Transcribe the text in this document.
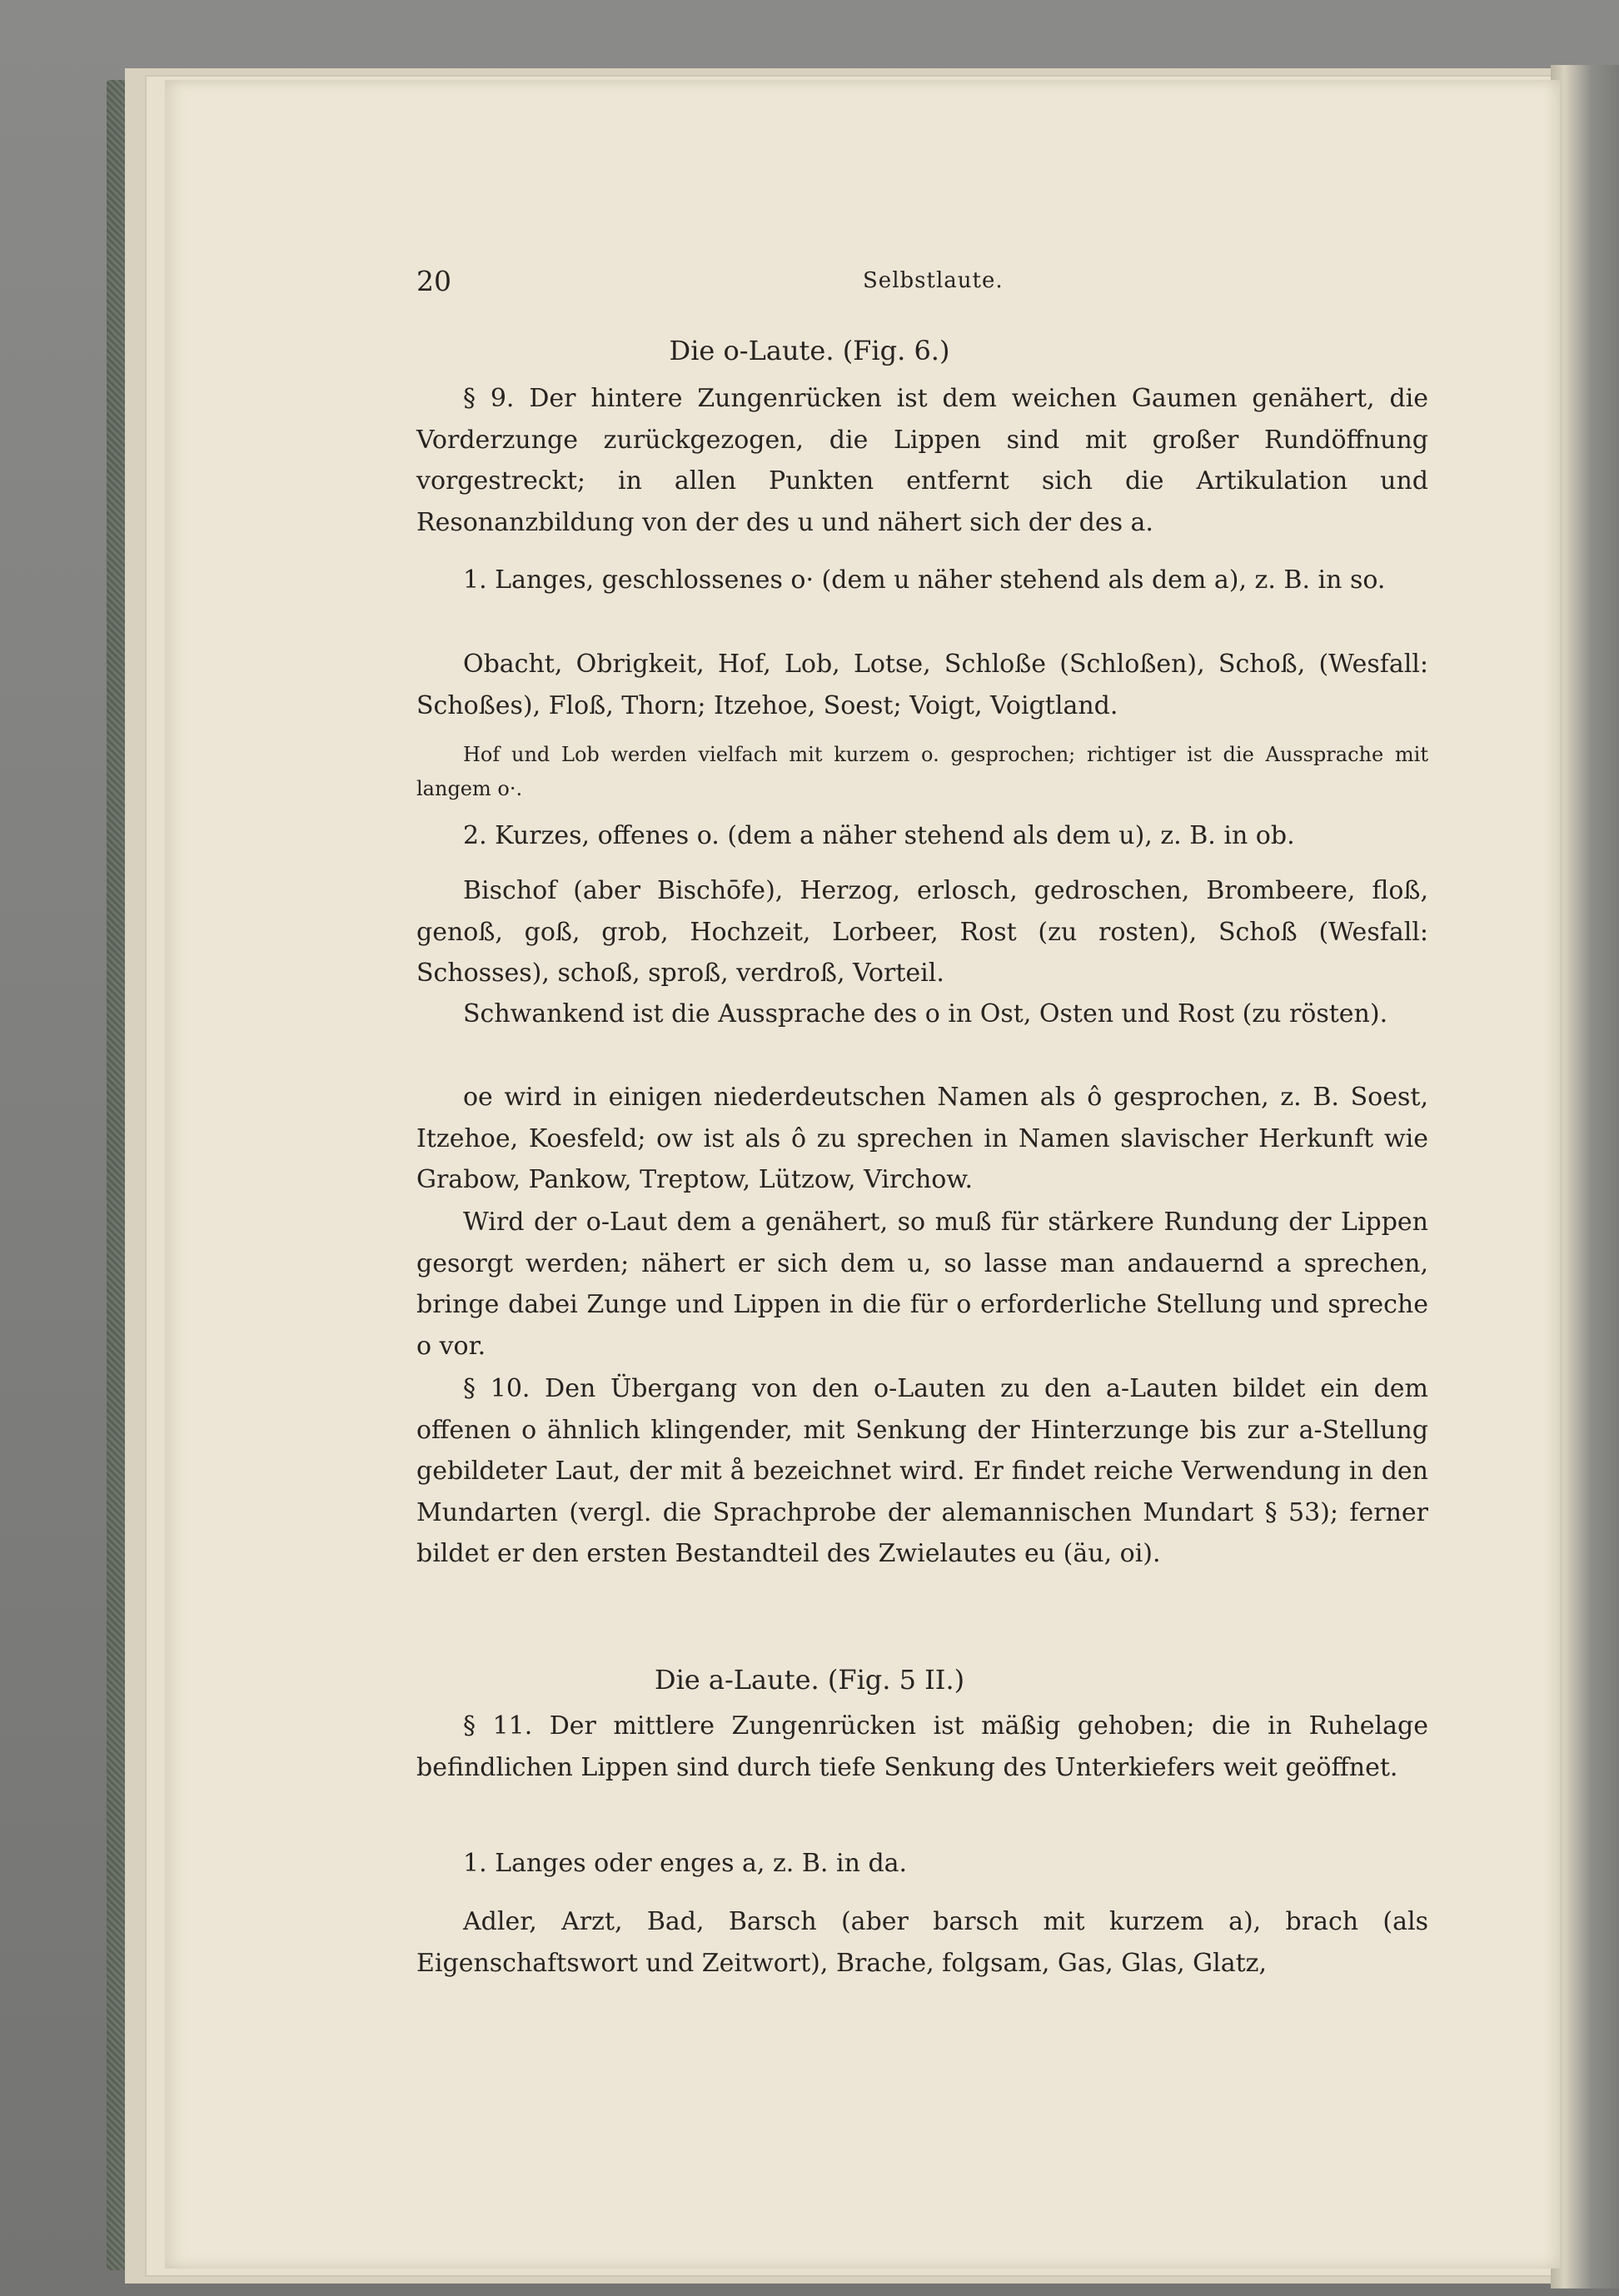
20	Selbstlaute.
Die o-Laute. (Fig. 6.)
§ 9. Der hintere Zungenrücken ist dem weichen Gaumen genähert, die Vorderzunge zurückgezogen, die Lippen sind mit großer Rundöffnung vorgestreckt; in allen Punkten entfernt sich die Artikulation und Resonanzbildung von der des u und nähert sich der des a.
1. Langes, geschlossenes o· (dem u näher stehend als dem a), z. B. in so.
Obacht, Obrigkeit, Hof, Lob, Lotse, Schloße (Schloßen), Schoß, (Wesfall: Schoßes), Floß, Thorn; Itzehoe, Soest; Voigt, Voigtland.
Hof und Lob werden vielfach mit kurzem o. gesprochen; richtiger ist die Aussprache mit langem o·.
2. Kurzes, offenes o. (dem a näher stehend als dem u), z. B. in ob.
Bischof (aber Bischōfe), Herzog, erlosch, gedroschen, Brombeere, floß, genoß, goß, grob, Hochzeit, Lorbeer, Rost (zu rosten), Schoß (Wesfall: Schosses), schoß, sproß, verdroß, Vorteil.
Schwankend ist die Aussprache des o in Ost, Osten und Rost (zu rösten).
oe wird in einigen niederdeutschen Namen als ô gesprochen, z. B. Soest, Itzehoe, Koesfeld; ow ist als ô zu sprechen in Namen slavischer Herkunft wie Grabow, Pankow, Treptow, Lützow, Virchow.
Wird der o-Laut dem a genähert, so muß für stärkere Rundung der Lippen gesorgt werden; nähert er sich dem u, so lasse man andauernd a sprechen, bringe dabei Zunge und Lippen in die für o erforderliche Stellung und spreche o vor.
§ 10. Den Übergang von den o-Lauten zu den a-Lauten bildet ein dem offenen o ähnlich klingender, mit Senkung der Hinterzunge bis zur a-Stellung gebildeter Laut, der mit å bezeichnet wird. Er findet reiche Verwendung in den Mundarten (vergl. die Sprachprobe der alemannischen Mundart § 53); ferner bildet er den ersten Bestandteil des Zwielautes eu (äu, oi).
Die a-Laute. (Fig. 5 II.)
§ 11. Der mittlere Zungenrücken ist mäßig gehoben; die in Ruhelage befindlichen Lippen sind durch tiefe Senkung des Unterkiefers weit geöffnet.
1. Langes oder enges a, z. B. in da.
Adler, Arzt, Bad, Barsch (aber barsch mit kurzem a), brach (als Eigenschaftswort und Zeitwort), Brache, folgsam, Gas, Glas, Glatz,
